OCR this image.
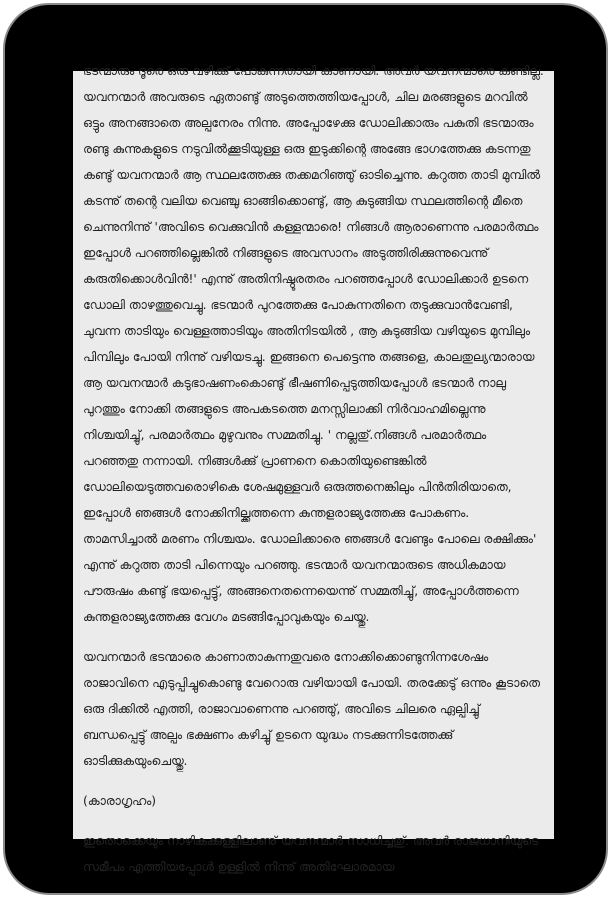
ഭടന്മാരും ദൂരെ ഒരു വഴിക്കു് പോകുന്നതായി കാണായി. അവർ യവനന്മാരെ കണ്ടില്ല. യവനന്മാർ അവരുടെ ഏതാണ്ടു് അടുത്തെത്തിയപ്പോൾ, ചില മരങ്ങളുടെ മറവിൽ ഒട്ടും അനങ്ങാതെ അല്പനേരം നിന്നു. അപ്പോഴേക്കു ഡോലിക്കാരും പകുതി ഭടന്മാരും രണ്ടു കുന്നുകളുടെ നടുവിൽക്കൂടിയുള്ള ഒരു ഇടുക്കിന്റെ അങ്ങേ ഭാഗത്തേക്കു കടന്നതു കണ്ടു് യവനന്മാർ ആ സ്ഥലത്തേക്കു തക്കമറിഞ്ഞു് ഓടിച്ചെന്നു. കറുത്ത താടി മുമ്പിൽ കടന്നു് തന്റെ വലിയ വെഞ്ചു ഓങ്ങിക്കൊണ്ടു്, ആ കുടുങ്ങിയ സ്ഥലത്തിന്റെ മീതെ ചെന്നുനിന്നു് 'അവിടെ വെക്കുവിൻ കള്ളന്മാരെ! നിങ്ങൾ ആരാണെന്നു പരമാർത്ഥം ഇപ്പോൾ പറഞ്ഞില്ലെങ്കിൽ നിങ്ങളുടെ അവസാനം അടുത്തിരിക്കുന്നുവെന്നു് കരുതിക്കൊൾവിൻ!' എന്നു് അതിനിഷ്ഠൂരതരം പറഞ്ഞപ്പോൾ ഡോലിക്കാർ ഉടനെ ഡോലി താഴത്തുവെച്ചു. ഭടന്മാർ പുറത്തേക്കു പോകുന്നതിനെ തടുക്കുവാൻവേണ്ടി, ചുവന്ന താടിയും വെള്ളത്താടിയും അതിനിടയിൽ , ആ കുടുങ്ങിയ വഴിയുടെ മുമ്പിലും പിമ്പിലും പോയി നിന്നു് വഴിയടച്ചു. ഇങ്ങനെ പെട്ടെന്നു തങ്ങളെ, കാലതുല്യന്മാരായ ആ യവനന്മാർ കടുഭാഷണംകൊണ്ടു് ഭീഷണിപ്പെടുത്തിയപ്പോൾ ഭടന്മാർ നാലു പുറത്തും നോക്കി തങ്ങളുടെ അപകടത്തെ മനസ്സിലാക്കി നിർവാഹമില്ലെന്നു നിശ്ചയിച്ചു്, പരമാർത്ഥം മുഴുവനും സമ്മതിച്ചു. ' നല്ലതു്.നിങ്ങൾ പരമാർത്ഥം പറഞ്ഞതു നന്നായി. നിങ്ങൾക്കു് പ്രാണനെ കൊതിയുണ്ടെങ്കിൽ ഡോലിയെടുത്തവരൊഴികെ ശേഷമുള്ളവർ ഒരുത്തനെങ്കിലും പിൻതിരിയാതെ, ഇപ്പോൾ ഞങ്ങൾ നോക്കിനില്ക്കത്തന്നെ കുന്തളരാജ്യത്തേക്കു പോകണം. താമസിച്ചാൽ മരണം നിശ്ചയം. ഡോലിക്കാരെ ഞങ്ങൾ വേണ്ടും പോലെ രക്ഷിക്കും' എന്നു് കറുത്ത താടി പിന്നെയും പറഞ്ഞു. ഭടന്മാർ യവനന്മാരുടെ അധികമായ പൗരുഷം കണ്ടു് ഭയപ്പെട്ടു്, അങ്ങനെതന്നെയെന്നു് സമ്മതിച്ചു്, അപ്പോൾത്തന്നെ കുന്തളരാജ്യത്തേക്കു വേഗം മടങ്ങിപ്പോവുകയും ചെയ്തു.

യവനന്മാർ ഭടന്മാരെ കാണാതാകുന്നതുവരെ നോക്കിക്കൊണ്ടുനിന്നശേഷം രാജാവിനെ എടുപ്പിച്ചുകൊണ്ടു വേറൊരു വഴിയായി പോയി. തരക്കേടു് ഒന്നും കൂടാതെ ഒരു ദിക്കിൽ എത്തി, രാജാവാണെന്നു പറഞ്ഞു്, അവിടെ ചിലരെ ഏല്പിച്ചു് ബന്ധപ്പെട്ടു് അല്പം ഭക്ഷണം കഴിച്ചു് ഉടനെ യുദ്ധം നടക്കുന്നിടത്തേക്കു് ഓടിക്കുകയുംചെയ്തു.

(കാരാഗൃഹം)

ഇതൊക്കെയും നാഴികക്കുള്ളിലാണു് യവനന്മാർ സാധിച്ചതു്. അവർ രാജധാനിയുടെ സമീപം എത്തിയപ്പോൾ ഉള്ളിൽ നിന്നു് അതിഘോരമായ
